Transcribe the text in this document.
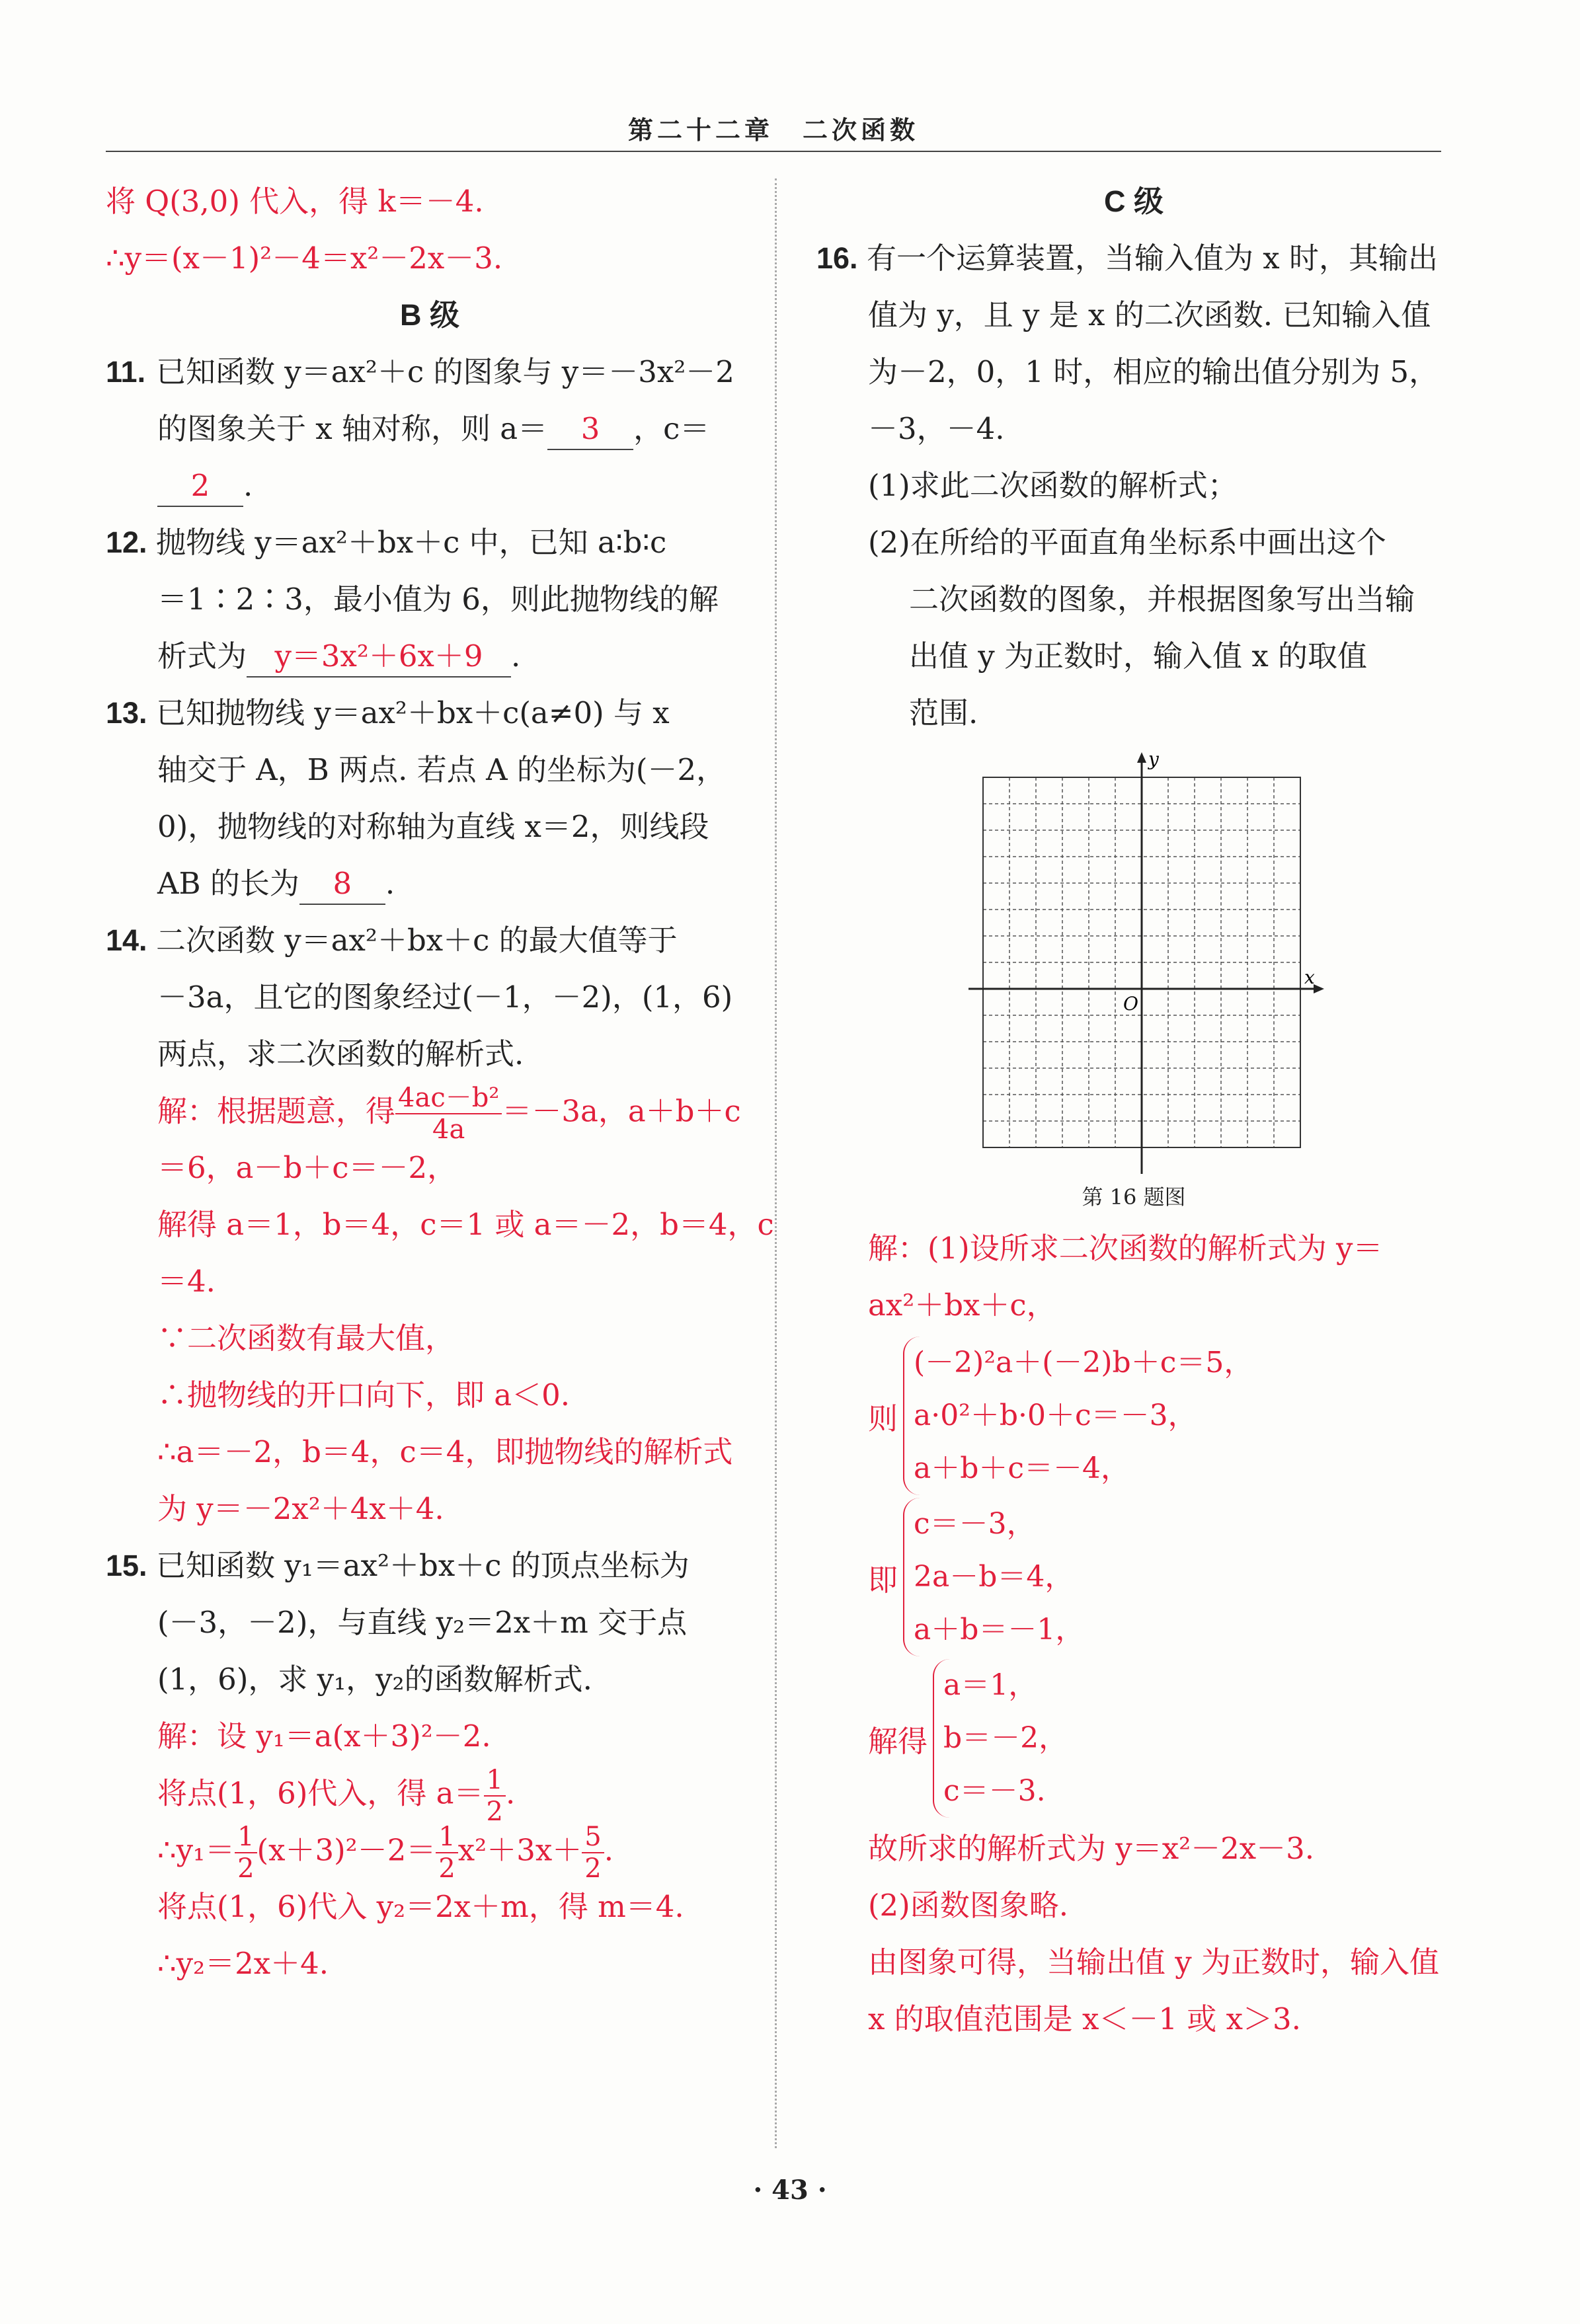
第二十二章　二次函数
将 Q(3,0) 代入，得 k＝－4.
∴y＝(x－1)²－4＝x²－2x－3.
B 级
11. 已知函数 y＝ax²＋c 的图象与 y＝－3x²－2
的图象关于 x 轴对称，则 a＝ 3 ，c＝
2 .
12. 抛物线 y＝ax²＋bx＋c 中，已知 a∶b∶c
＝1∶2∶3，最小值为 6，则此抛物线的解
析式为 y＝3x²＋6x＋9 .
13. 已知抛物线 y＝ax²＋bx＋c(a≠0) 与 x
轴交于 A，B 两点. 若点 A 的坐标为(－2，
0)，抛物线的对称轴为直线 x＝2，则线段
AB 的长为 8 .
14. 二次函数 y＝ax²＋bx＋c 的最大值等于
－3a，且它的图象经过(－1，－2)，(1，6)
两点，求二次函数的解析式.
解：根据题意，得 $\frac{\text{4ac－b²}}{4a} =-3a$，a＋b＋c
＝6，a－b＋c＝－2，
解得 a＝1，b＝4，c＝1 或 a＝－2，b＝4，c
＝4.
∵二次函数有最大值，
∴抛物线的开口向下，即 a＜0.
∴a＝－2，b＝4，c＝4，即抛物线的解析式
为 y＝－2x²＋4x＋4.
15. 已知函数 y₁＝ax²＋bx＋c 的顶点坐标为
(－3，－2)，与直线 y₂＝2x＋m 交于点
(1，6)，求 y₁，y₂的函数解析式.
解：设 y₁＝a(x＋3)²－2.
将点(1，6)代入，得 $a= \frac{1}{2}$ .
∴y₁＝ $\frac{1}{2} (x+3)^2-2= \frac{1}{2} x^2+3x+ \frac{5}{2}$ .
将点(1，6)代入 y₂＝2x＋m，得 m＝4.
∴y₂＝2x＋4.
C 级
16. 有一个运算装置，当输入值为 x 时，其输出
值为 y，且 y 是 x 的二次函数. 已知输入值
为－2，0，1 时，相应的输出值分别为 5，
－3，－4.
(1)求此二次函数的解析式；
(2)在所给的平面直角坐标系中画出这个
二次函数的图象，并根据图象写出当输
出值 y 为正数时，输入值 x 的取值
范围.
x
y
O
第 16 题图
解：(1)设所求二次函数的解析式为 y＝
ax²＋bx＋c，
则
(－2)²a＋(－2)b＋c＝5，
a·0²＋b·0＋c＝－3，
a＋b＋c＝－4，
即
c＝－3，
2a－b＝4，
a＋b＝－1，
解得
a＝1，
b＝－2，
c＝－3.
故所求的解析式为 y＝x²－2x－3.
(2)函数图象略.
由图象可得，当输出值 y 为正数时，输入值
x 的取值范围是 x＜－1 或 x＞3.
· 43 ·
